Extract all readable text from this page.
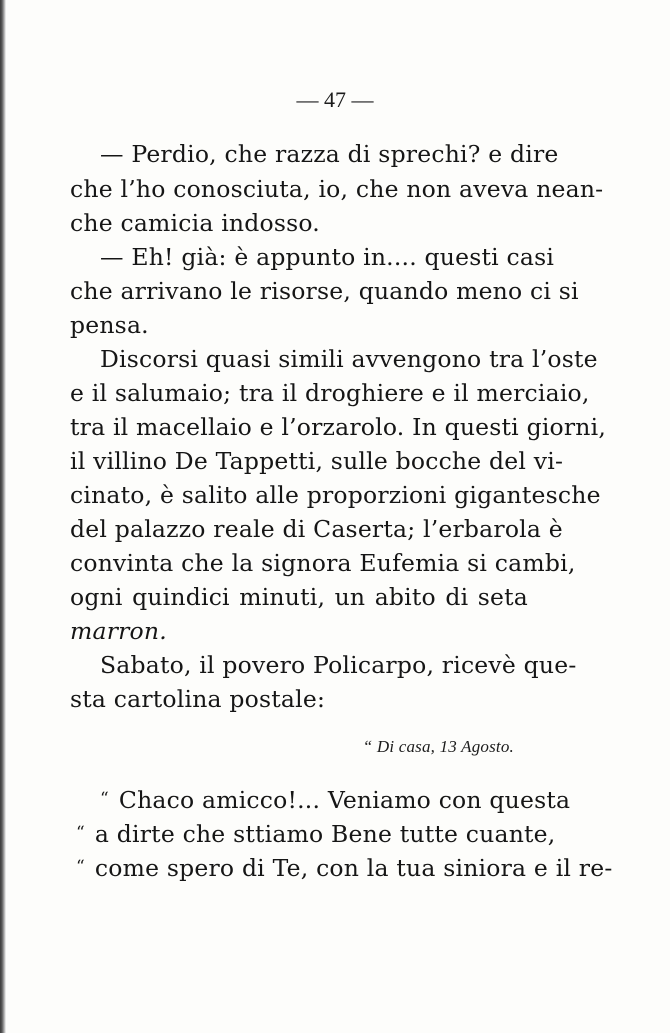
— 47 —
— Perdio, che razza di sprechi? e dire
che l’ho conosciuta, io, che non aveva nean-
che camicia indosso.
— Eh! già: è appunto in.... questi casi
che arrivano le risorse, quando meno ci si
pensa.
Discorsi quasi simili avvengono tra l’oste
e il salumaio; tra il droghiere e il merciaio,
tra il macellaio e l’orzarolo. In questi giorni,
il villino De Tappetti, sulle bocche del vi-
cinato, è salito alle proporzioni gigantesche
del palazzo reale di Caserta; l’erbarola è
convinta che la signora Eufemia si cambi,
ogni quindici minuti, un abito di seta
marron.
Sabato, il povero Policarpo, ricevè que-
sta cartolina postale:
“ Di casa, 13 Agosto.
“ Chaco amicco!... Veniamo con questa
“ a dirte che sttiamo Bene tutte cuante,
“ come spero di Te, con la tua siniora e il re-
